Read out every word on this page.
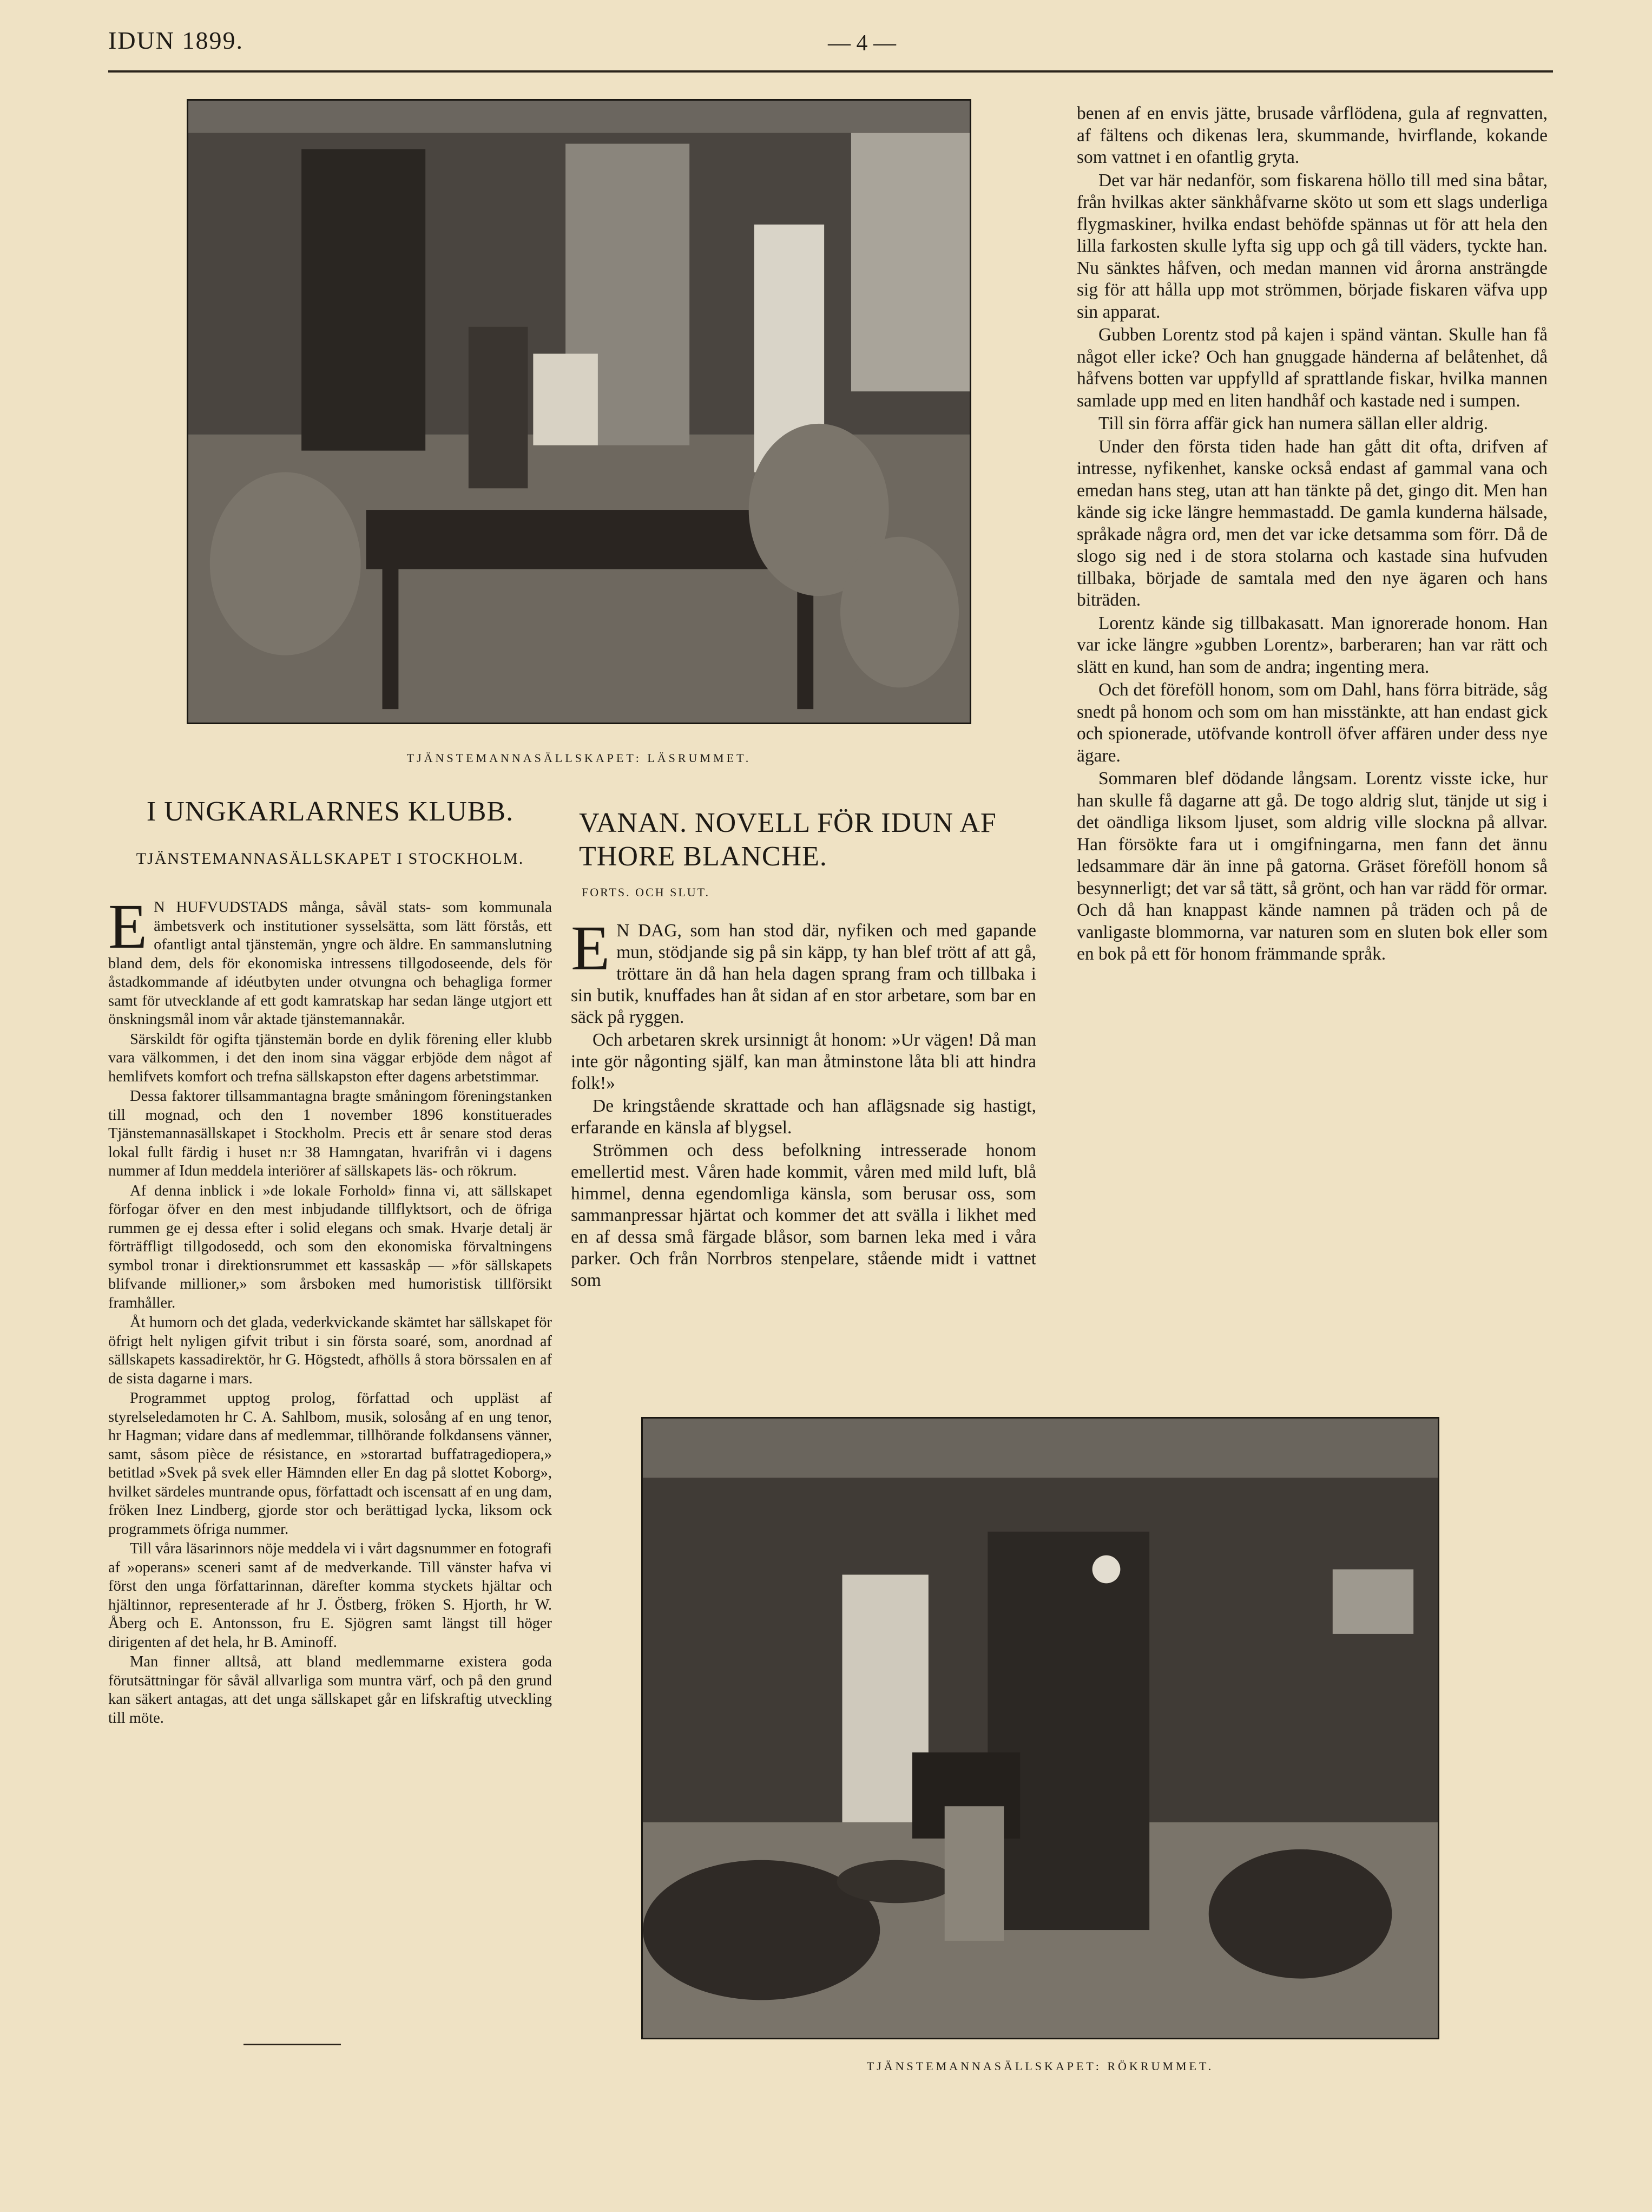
IDUN 1899.	— 4 —
TJÄNSTEMANNASÄLLSKAPET: LÄSRUMMET.
I UNGKARLARNES KLUBB.
TJÄNSTEMANNASÄLLSKAPET I STOCKHOLM.

E N HUFVUDSTADS många, såväl stats- som kommunala ämbetsverk och institutioner sysselsätta, som lätt förstås, ett ofantligt antal tjänstemän, yngre och äldre. En sammanslutning bland dem, dels för ekonomiska intressens tillgodoseende, dels för åstadkommande af idéutbyten under otvungna och behagliga former samt för utvecklande af ett godt kamratskap har sedan länge utgjort ett önskningsmål inom vår aktade tjänstemannakår.

Särskildt för ogifta tjänstemän borde en dylik förening eller klubb vara välkommen, i det den inom sina väggar erbjöde dem något af hemlifvets komfort och trefna sällskapston efter dagens arbetstimmar.

Dessa faktorer tillsammantagna bragte småningom föreningstanken till mognad, och den 1 november 1896 konstituerades Tjänstemannasällskapet i Stockholm. Precis ett år senare stod deras lokal fullt färdig i huset n:r 38 Hamngatan, hvarifrån vi i dagens nummer af Idun meddela interiörer af sällskapets läs- och rökrum.

Af denna inblick i »de lokale Forhold» finna vi, att sällskapet förfogar öfver en den mest inbjudande tillflyktsort, och de öfriga rummen ge ej dessa efter i solid elegans och smak. Hvarje detalj är förträffligt tillgodosedd, och som den ekonomiska förvaltningens symbol tronar i direktionsrummet ett kassaskåp — »för sällskapets blifvande millioner,» som årsboken med humoristisk tillförsikt framhåller.

Åt humorn och det glada, vederkvickande skämtet har sällskapet för öfrigt helt nyligen gifvit tribut i sin första soaré, som, anordnad af sällskapets kassadirektör, hr G. Högstedt, afhölls å stora börssalen en af de sista dagarne i mars.

Programmet upptog prolog, författad och uppläst af styrelseledamoten hr C. A. Sahlbom, musik, solosång af en ung tenor, hr Hagman; vidare dans af medlemmar, tillhörande folkdansens vänner, samt, såsom pièce de résistance, en »storartad buffatragediopera,» betitlad »Svek på svek eller Hämnden eller En dag på slottet Koborg», hvilket särdeles muntrande opus, författadt och iscensatt af en ung dam, fröken Inez Lindberg, gjorde stor och berättigad lycka, liksom ock programmets öfriga nummer.

Till våra läsarinnors nöje meddela vi i vårt dagsnummer en fotografi af »operans» sceneri samt af de medverkande. Till vänster hafva vi först den unga författarinnan, därefter komma styckets hjältar och hjältinnor, representerade af hr J. Östberg, fröken S. Hjorth, hr W. Åberg och E. Antonsson, fru E. Sjögren samt längst till höger dirigenten af det hela, hr B. Aminoff.

Man finner alltså, att bland medlemmarne existera goda förutsättningar för såväl allvarliga som muntra värf, och på den grund kan säkert antagas, att det unga sällskapet går en lifskraftig utveckling till möte.

VANAN. NOVELL FÖR IDUN AF THORE BLANCHE.
FORTS. OCH SLUT.

E N DAG, som han stod där, nyfiken och med gapande mun, stödjande sig på sin käpp, ty han blef trött af att gå, tröttare än då han hela dagen sprang fram och tillbaka i sin butik, knuffades han åt sidan af en stor arbetare, som bar en säck på ryggen.

Och arbetaren skrek ursinnigt åt honom: »Ur vägen! Då man inte gör någonting själf, kan man åtminstone låta bli att hindra folk!»

De kringstående skrattade och han aflägsnade sig hastigt, erfarande en känsla af blygsel.

Strömmen och dess befolkning intresserade honom emellertid mest. Våren hade kommit, våren med mild luft, blå himmel, denna egendomliga känsla, som berusar oss, som sammanpressar hjärtat och kommer det att svälla i likhet med en af dessa små färgade blåsor, som barnen leka med i våra parker. Och från Norrbros stenpelare, stående midt i vattnet som

benen af en envis jätte, brusade vårflödena, gula af regnvatten, af fältens och dikenas lera, skummande, hvirflande, kokande som vattnet i en ofantlig gryta.

Det var här nedanför, som fiskarena höllo till med sina båtar, från hvilkas akter sänkhåfvarne sköto ut som ett slags underliga flygmaskiner, hvilka endast behöfde spännas ut för att hela den lilla farkosten skulle lyfta sig upp och gå till väders, tyckte han. Nu sänktes håfven, och medan mannen vid årorna ansträngde sig för att hålla upp mot strömmen, började fiskaren väfva upp sin apparat.

Gubben Lorentz stod på kajen i spänd väntan. Skulle han få något eller icke? Och han gnuggade händerna af belåtenhet, då håfvens botten var uppfylld af sprattlande fiskar, hvilka mannen samlade upp med en liten handhåf och kastade ned i sumpen.

Till sin förra affär gick han numera sällan eller aldrig.

Under den första tiden hade han gått dit ofta, drifven af intresse, nyfikenhet, kanske också endast af gammal vana och emedan hans steg, utan att han tänkte på det, gingo dit. Men han kände sig icke längre hemmastadd. De gamla kunderna hälsade, språkade några ord, men det var icke detsamma som förr. Då de slogo sig ned i de stora stolarna och kastade sina hufvuden tillbaka, började de samtala med den nye ägaren och hans biträden.

Lorentz kände sig tillbakasatt. Man ignorerade honom. Han var icke längre »gubben Lorentz», barberaren; han var rätt och slätt en kund, han som de andra; ingenting mera.

Och det föreföll honom, som om Dahl, hans förra biträde, såg snedt på honom och som om han misstänkte, att han endast gick och spionerade, utöfvande kontroll öfver affären under dess nye ägare.

Sommaren blef dödande långsam. Lorentz visste icke, hur han skulle få dagarne att gå. De togo aldrig slut, tänjde ut sig i det oändliga liksom ljuset, som aldrig ville slockna på allvar. Han försökte fara ut i omgifningarna, men fann det ännu ledsammare där än inne på gatorna. Gräset föreföll honom så besynnerligt; det var så tätt, så grönt, och han var rädd för ormar. Och då han knappast kände namnen på träden och på de vanligaste blommorna, var naturen som en sluten bok eller som en bok på ett för honom främmande språk.

TJÄNSTEMANNASÄLLSKAPET: RÖKRUMMET.
